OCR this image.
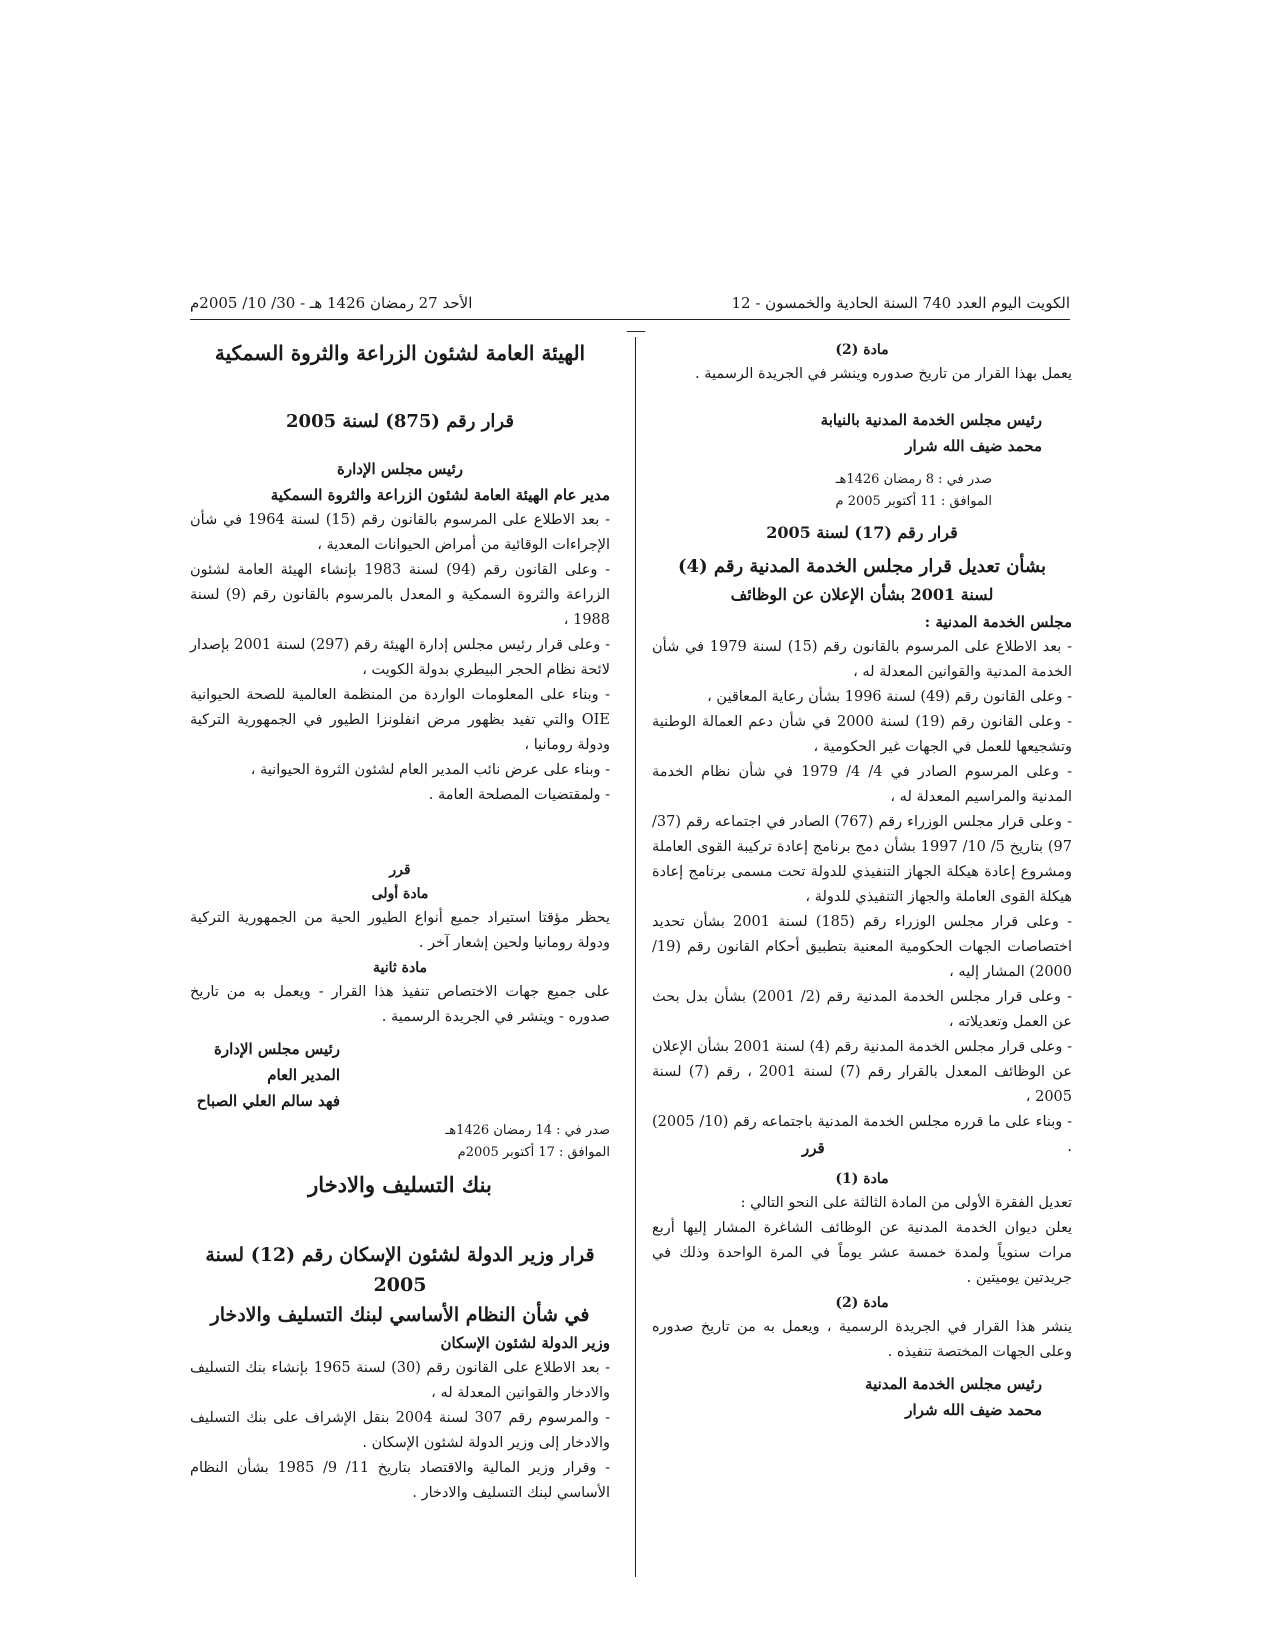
الأحد 27 رمضان 1426 هـ - 30/ 10/ 2005م	الكويت اليوم العدد 740 السنة الحادية والخمسون - 12

مادة (2)

يعمل بهذا القرار من تاريخ صدوره وينشر في الجريدة الرسمية .

رئيس مجلس الخدمة المدنية بالنيابة

محمد ضيف الله شرار

صدر في : 8 رمضان 1426هـ

الموافق : 11 أكتوبر 2005 م

قرار رقم (17) لسنة 2005

بشأن تعديل قرار مجلس الخدمة المدنية رقم (4)

لسنة 2001 بشأن الإعلان عن الوظائف

مجلس الخدمة المدنية :

- بعد الاطلاع على المرسوم بالقانون رقم (15) لسنة 1979 في شأن الخدمة المدنية والقوانين المعدلة له ،

- وعلى القانون رقم (49) لسنة 1996 بشأن رعاية المعاقين ،

- وعلى القانون رقم (19) لسنة 2000 في شأن دعم العمالة الوطنية وتشجيعها للعمل في الجهات غير الحكومية ،

- وعلى المرسوم الصادر في 4/ 4/ 1979 في شأن نظام الخدمة المدنية والمراسيم المعدلة له ،

- وعلى قرار مجلس الوزراء رقم (767) الصادر في اجتماعه رقم (37/ 97) بتاريخ 5/ 10/ 1997 بشأن دمج برنامج إعادة تركيبة القوى العاملة ومشروع إعادة هيكلة الجهاز التنفيذي للدولة تحت مسمى برنامج إعادة هيكلة القوى العاملة والجهاز التنفيذي للدولة ،

- وعلى قرار مجلس الوزراء رقم (185) لسنة 2001 بشأن تحديد اختصاصات الجهات الحكومية المعنية بتطبيق أحكام القانون رقم (19/ 2000) المشار إليه ،

- وعلى قرار مجلس الخدمة المدنية رقم (2/ 2001) بشأن بدل بحث عن العمل وتعديلاته ،

- وعلى قرار مجلس الخدمة المدنية رقم (4) لسنة 2001 بشأن الإعلان عن الوظائف المعدل بالقرار رقم (7) لسنة 2001 ، رقم (7) لسنة 2005 ،

- وبناء على ما قرره مجلس الخدمة المدنية باجتماعه رقم (10/ 2005) .

قرر

مادة (1)

تعديل الفقرة الأولى من المادة الثالثة على النحو التالي :

يعلن ديوان الخدمة المدنية عن الوظائف الشاغرة المشار إليها أربع مرات سنوياً ولمدة خمسة عشر يوماً في المرة الواحدة وذلك في جريدتين يوميتين .

مادة (2)

ينشر هذا القرار في الجريدة الرسمية ، ويعمل به من تاريخ صدوره وعلى الجهات المختصة تنفيذه .

رئيس مجلس الخدمة المدنية

محمد ضيف الله شرار

الهيئة العامة لشئون الزراعة والثروة السمكية

قرار رقم (875) لسنة 2005

رئيس مجلس الإدارة

مدير عام الهيئة العامة لشئون الزراعة والثروة السمكية

- بعد الاطلاع على المرسوم بالقانون رقم (15) لسنة 1964 في شأن الإجراءات الوقائية من أمراض الحيوانات المعدية ،

- وعلى القانون رقم (94) لسنة 1983 بإنشاء الهيئة العامة لشئون الزراعة والثروة السمكية و المعدل بالمرسوم بالقانون رقم (9) لسنة 1988 ،

- وعلى قرار رئيس مجلس إدارة الهيئة رقم (297) لسنة 2001 بإصدار لائحة نظام الحجر البيطري بدولة الكويت ،

- وبناء على المعلومات الواردة من المنظمة العالمية للصحة الحيوانية OIE والتي تفيد بظهور مرض انفلونزا الطيور في الجمهورية التركية ودولة رومانيا ،

- وبناء على عرض نائب المدير العام لشئون الثروة الحيوانية ،

- ولمقتضيات المصلحة العامة .

قرر

مادة أولى

يحظر مؤقتا استيراد جميع أنواع الطيور الحية من الجمهورية التركية ودولة رومانيا ولحين إشعار آخر .

مادة ثانية

على جميع جهات الاختصاص تنفيذ هذا القرار - ويعمل به من تاريخ صدوره - وينشر في الجريدة الرسمية .

رئيس مجلس الإدارة

المدير العام

فهد سالم العلي الصباح

صدر في : 14 رمضان 1426هـ

الموافق : 17 أكتوبر 2005م

بنك التسليف والادخار

قرار وزير الدولة لشئون الإسكان رقم (12) لسنة 2005

في شأن النظام الأساسي لبنك التسليف والادخار

وزير الدولة لشئون الإسكان

- بعد الاطلاع على القانون رقم (30) لسنة 1965 بإنشاء بنك التسليف والادخار والقوانين المعدلة له ،

- والمرسوم رقم 307 لسنة 2004 بنقل الإشراف على بنك التسليف والادخار إلى وزير الدولة لشئون الإسكان .

- وقرار وزير المالية والاقتصاد بتاريخ 11/ 9/ 1985 بشأن النظام الأساسي لبنك التسليف والادخار .
